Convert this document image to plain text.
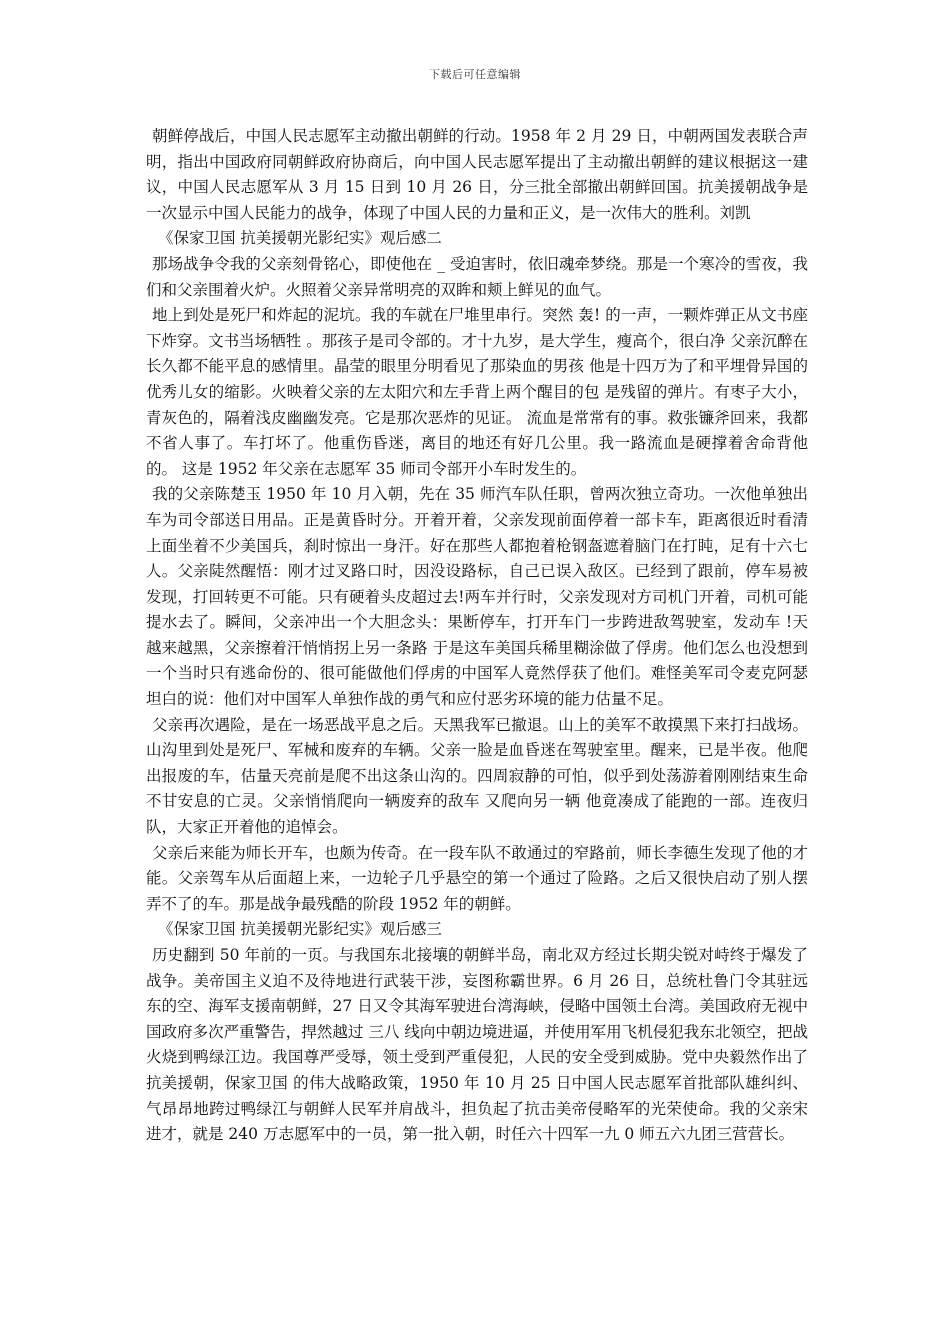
下载后可任意编辑

朝鲜停战后，中国人民志愿军主动撤出朝鲜的行动。1958 年 2 月 29 日，中朝两国发表联合声明，指出中国政府同朝鲜政府协商后，向中国人民志愿军提出了主动撤出朝鲜的建议根据这一建议，中国人民志愿军从 3 月 15 日到 10 月 26 日，分三批全部撤出朝鲜回国。抗美援朝战争是一次显示中国人民能力的战争，体现了中国人民的力量和正义，是一次伟大的胜利。刘凯

《保家卫国 抗美援朝光影纪实》观后感二

那场战争令我的父亲刻骨铭心，即使他在 _ 受迫害时，依旧魂牵梦绕。那是一个寒冷的雪夜，我们和父亲围着火炉。火照着父亲异常明亮的双眸和颊上鲜见的血气。

地上到处是死尸和炸起的泥坑。我的车就在尸堆里串行。突然 轰! 的一声，一颗炸弹正从文书座下炸穿。文书当场牺牲 。那孩子是司令部的。才十九岁，是大学生，瘦高个，很白净 父亲沉醉在长久都不能平息的感情里。晶莹的眼里分明看见了那染血的男孩 他是十四万为了和平埋骨异国的优秀儿女的缩影。火映着父亲的左太阳穴和左手背上两个醒目的包 是残留的弹片。有枣子大小，青灰色的，隔着浅皮幽幽发亮。它是那次恶炸的见证。 流血是常常有的事。救张镰斧回来，我都不省人事了。车打坏了。他重伤昏迷，离目的地还有好几公里。我一路流血是硬撑着舍命背他的。 这是 1952 年父亲在志愿军 35 师司令部开小车时发生的。

我的父亲陈楚玉 1950 年 10 月入朝，先在 35 师汽车队任职，曾两次独立奇功。一次他单独出车为司令部送日用品。正是黄昏时分。开着开着，父亲发现前面停着一部卡车，距离很近时看清上面坐着不少美国兵，刹时惊出一身汗。好在那些人都抱着枪钢盔遮着脑门在打盹，足有十六七人。父亲陡然醒悟：刚才过叉路口时，因没设路标，自己已误入敌区。已经到了跟前，停车易被发现，打回转更不可能。只有硬着头皮超过去!两车并行时，父亲发现对方司机门开着，司机可能提水去了。瞬间，父亲冲出一个大胆念头：果断停车，打开车门一步跨进敌驾驶室，发动车 !天越来越黑，父亲擦着汗悄悄拐上另一条路 于是这车美国兵稀里糊涂做了俘虏。他们怎么也没想到一个当时只有逃命份的、很可能做他们俘虏的中国军人竟然俘获了他们。难怪美军司令麦克阿瑟坦白的说：他们对中国军人单独作战的勇气和应付恶劣环境的能力估量不足。

父亲再次遇险，是在一场恶战平息之后。天黑我军已撤退。山上的美军不敢摸黑下来打扫战场。山沟里到处是死尸、军械和废弃的车辆。父亲一脸是血昏迷在驾驶室里。醒来，已是半夜。他爬出报废的车，估量天亮前是爬不出这条山沟的。四周寂静的可怕，似乎到处荡游着刚刚结束生命不甘安息的亡灵。父亲悄悄爬向一辆废弃的敌车 又爬向另一辆 他竟凑成了能跑的一部。连夜归队，大家正开着他的追悼会。

父亲后来能为师长开车，也颇为传奇。在一段车队不敢通过的窄路前，师长李德生发现了他的才能。父亲驾车从后面超上来，一边轮子几乎悬空的第一个通过了险路。之后又很快启动了别人摆弄不了的车。那是战争最残酷的阶段 1952 年的朝鲜。

《保家卫国 抗美援朝光影纪实》观后感三

历史翻到 50 年前的一页。与我国东北接壤的朝鲜半岛，南北双方经过长期尖锐对峙终于爆发了战争。美帝国主义迫不及待地进行武装干涉，妄图称霸世界。6 月 26 日，总统杜鲁门令其驻远东的空、海军支援南朝鲜，27 日又令其海军驶进台湾海峡，侵略中国领土台湾。美国政府无视中国政府多次严重警告，捍然越过 三八 线向中朝边境进逼，并使用军用飞机侵犯我东北领空，把战火烧到鸭绿江边。我国尊严受辱，领土受到严重侵犯，人民的安全受到威胁。党中央毅然作出了 抗美援朝，保家卫国 的伟大战略政策，1950 年 10 月 25 日中国人民志愿军首批部队雄纠纠、气昂昂地跨过鸭绿江与朝鲜人民军并肩战斗，担负起了抗击美帝侵略军的光荣使命。我的父亲宋进才，就是 240 万志愿军中的一员，第一批入朝，时任六十四军一九 0 师五六九团三营营长。
